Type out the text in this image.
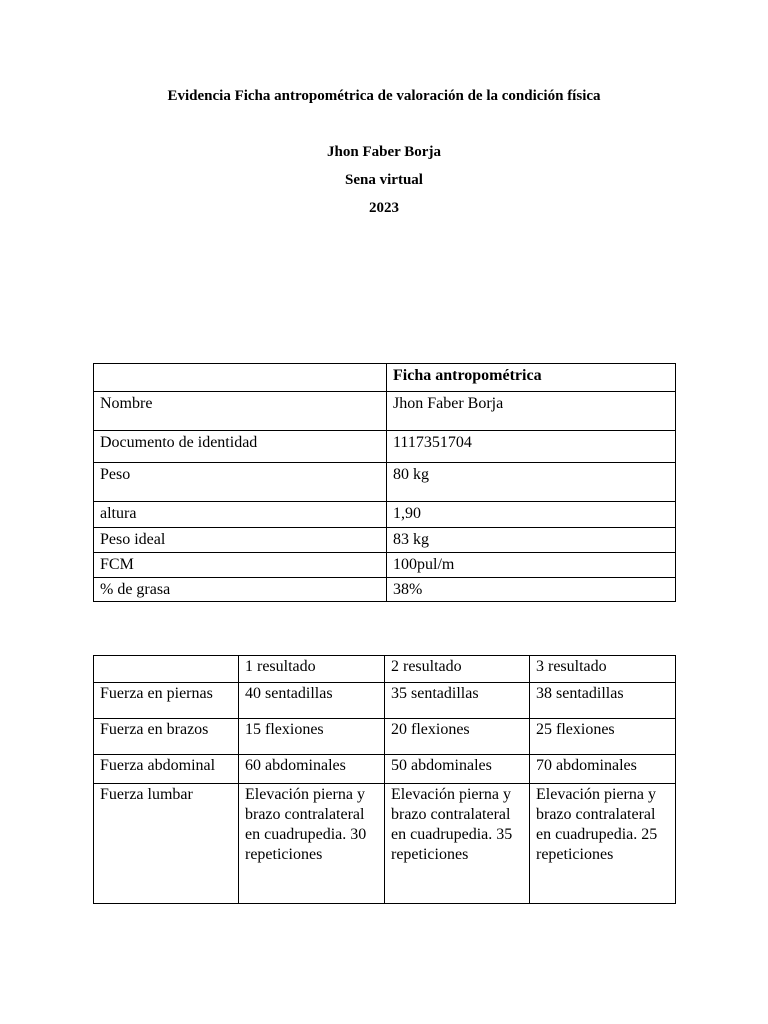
Evidencia Ficha antropométrica de valoración de la condición física
Jhon Faber Borja
Sena virtual
2023
	Ficha antropométrica
Nombre	Jhon Faber Borja
Documento de identidad	1117351704
Peso	80 kg
altura	1,90
Peso ideal	83 kg
FCM	100pul/m
% de grasa	38%
	1 resultado	2 resultado	3 resultado
Fuerza en piernas	40 sentadillas	35 sentadillas	38 sentadillas
Fuerza en brazos	15 flexiones	20 flexiones	25 flexiones
Fuerza abdominal	60 abdominales	50 abdominales	70 abdominales
Fuerza lumbar	Elevación pierna y brazo contralateral en cuadrupedia. 30 repeticiones	Elevación pierna y brazo contralateral en cuadrupedia. 35 repeticiones	Elevación pierna y brazo contralateral en cuadrupedia. 25 repeticiones
